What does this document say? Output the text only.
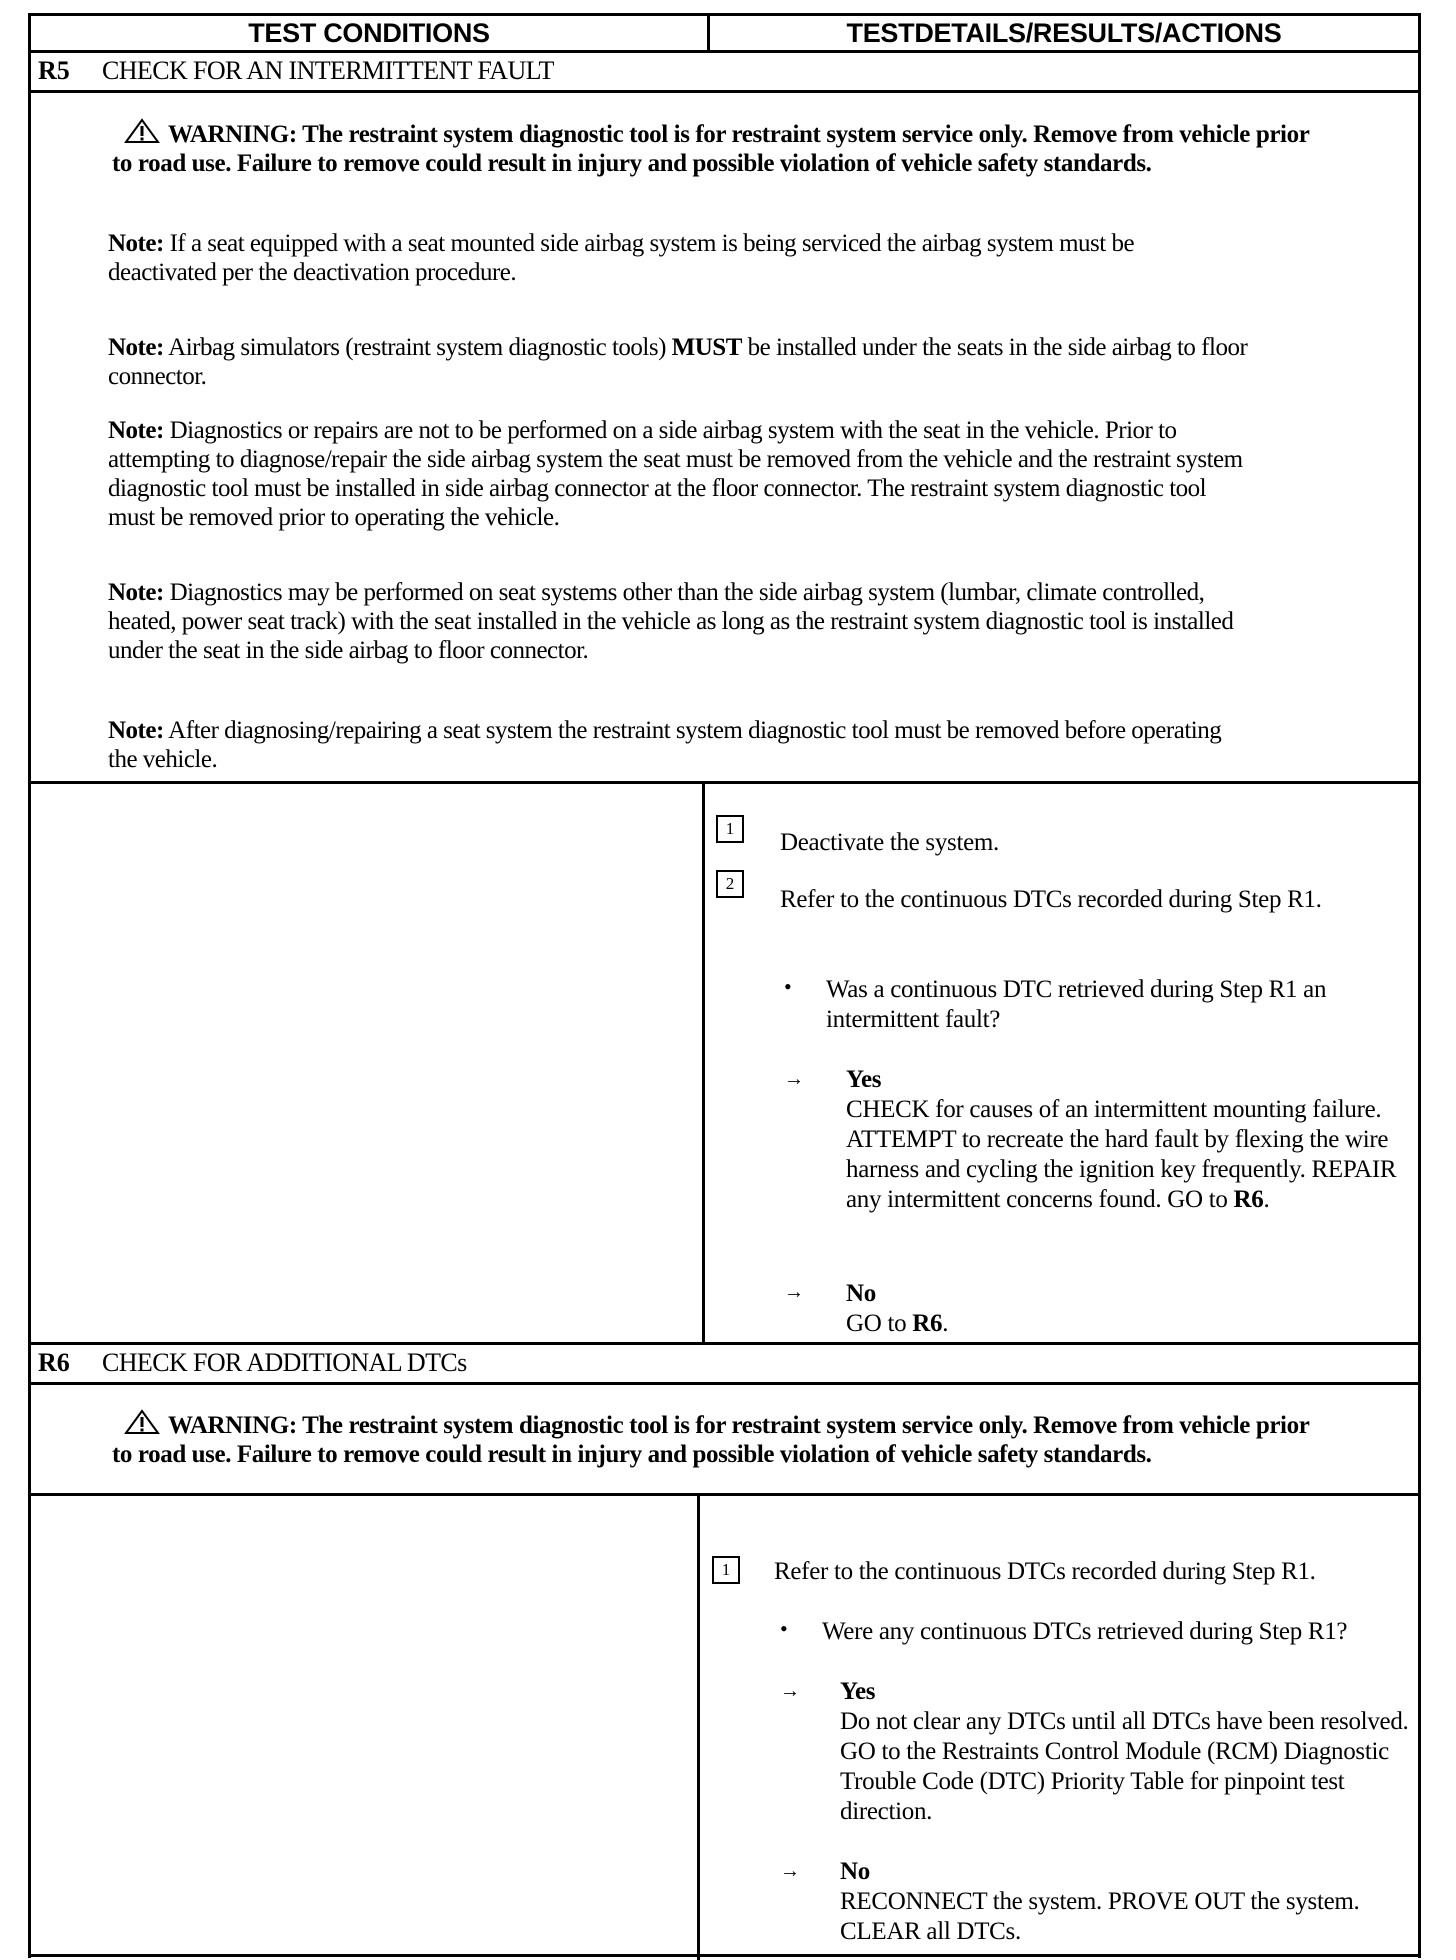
TEST CONDITIONS	TESTDETAILS/RESULTS/ACTIONS
R5	CHECK FOR AN INTERMITTENT FAULT
WARNING: The restraint system diagnostic tool is for restraint system service only. Remove from vehicle prior to road use. Failure to remove could result in injury and possible violation of vehicle safety standards.
Note: If a seat equipped with a seat mounted side airbag system is being serviced the airbag system must be deactivated per the deactivation procedure.
Note: Airbag simulators (restraint system diagnostic tools) MUST be installed under the seats in the side airbag to floor connector.
Note: Diagnostics or repairs are not to be performed on a side airbag system with the seat in the vehicle. Prior to attempting to diagnose/repair the side airbag system the seat must be removed from the vehicle and the restraint system diagnostic tool must be installed in side airbag connector at the floor connector. The restraint system diagnostic tool must be removed prior to operating the vehicle.
Note: Diagnostics may be performed on seat systems other than the side airbag system (lumbar, climate controlled, heated, power seat track) with the seat installed in the vehicle as long as the restraint system diagnostic tool is installed under the seat in the side airbag to floor connector.
Note: After diagnosing/repairing a seat system the restraint system diagnostic tool must be removed before operating the vehicle.
1
Deactivate the system.
2
Refer to the continuous DTCs recorded during Step R1.
• Was a continuous DTC retrieved during Step R1 an intermittent fault?
→ Yes
CHECK for causes of an intermittent mounting failure. ATTEMPT to recreate the hard fault by flexing the wire harness and cycling the ignition key frequently. REPAIR any intermittent concerns found. GO to R6.
→ No
GO to R6.
R6	CHECK FOR ADDITIONAL DTCs
WARNING: The restraint system diagnostic tool is for restraint system service only. Remove from vehicle prior to road use. Failure to remove could result in injury and possible violation of vehicle safety standards.
1	Refer to the continuous DTCs recorded during Step R1.
• Were any continuous DTCs retrieved during Step R1?
→ Yes
Do not clear any DTCs until all DTCs have been resolved. GO to the Restraints Control Module (RCM) Diagnostic Trouble Code (DTC) Priority Table for pinpoint test direction.
→ No
RECONNECT the system. PROVE OUT the system. CLEAR all DTCs.
